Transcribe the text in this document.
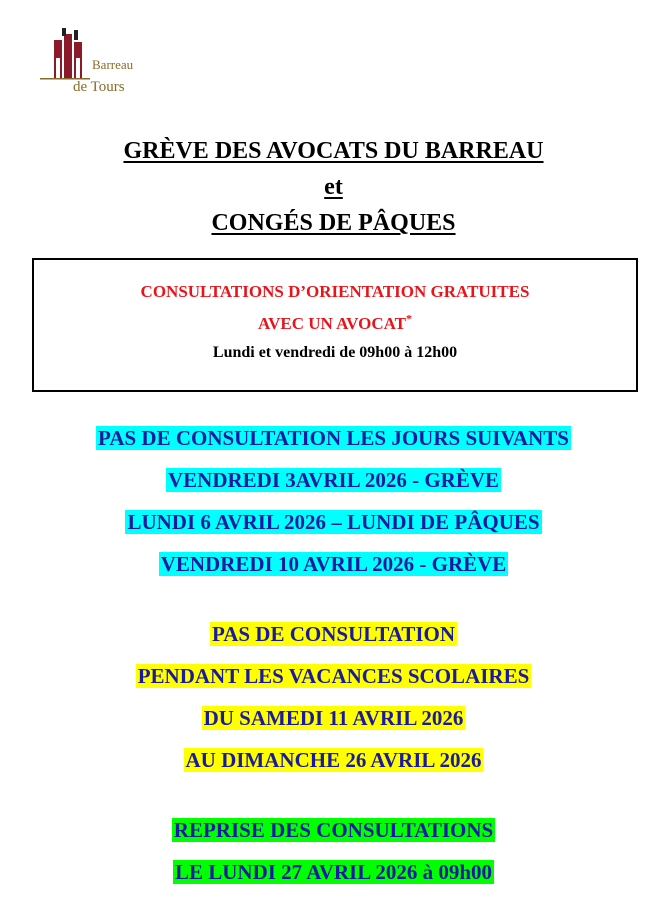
Barreau
de Tours
GRÈVE DES AVOCATS DU BARREAU
et
CONGÉS DE PÂQUES
CONSULTATIONS D’ORIENTATION GRATUITES
AVEC UN AVOCAT*
Lundi et vendredi de 09h00 à 12h00
PAS DE CONSULTATION LES JOURS SUIVANTS
VENDREDI 3AVRIL 2026 - GRÈVE
LUNDI 6 AVRIL 2026 – LUNDI DE PÂQUES
VENDREDI 10 AVRIL 2026 - GRÈVE
PAS DE CONSULTATION
PENDANT LES VACANCES SCOLAIRES
DU SAMEDI 11 AVRIL 2026
AU DIMANCHE 26 AVRIL 2026
REPRISE DES CONSULTATIONS
LE LUNDI 27 AVRIL 2026 à 09h00
